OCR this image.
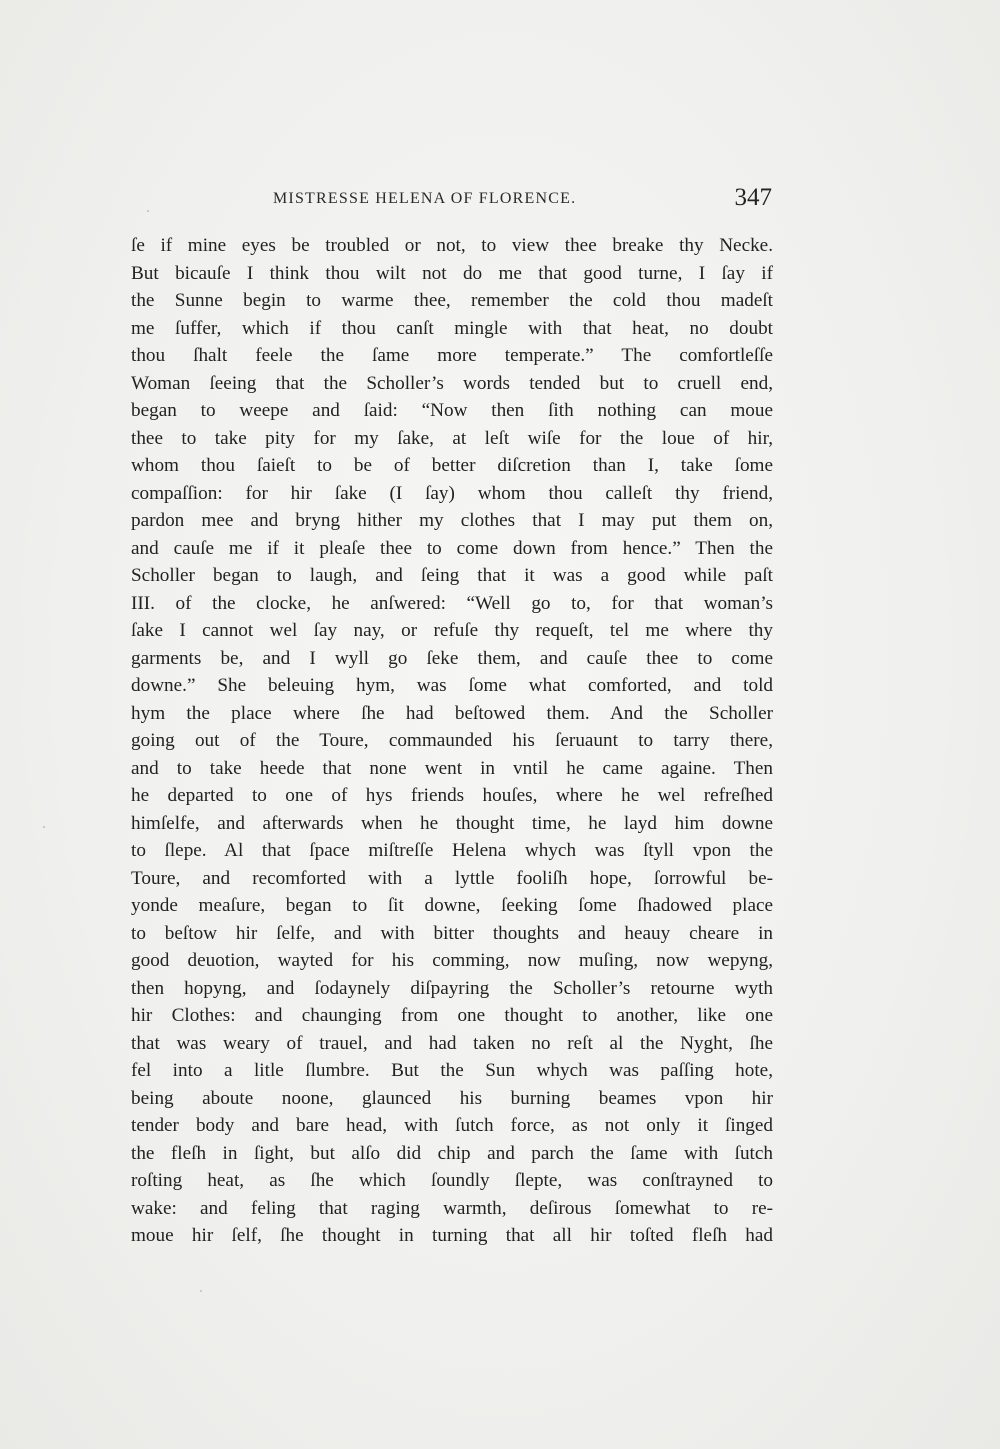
MISTRESSE HELENA OF FLORENCE.	347
ſe if mine eyes be troubled or not, to view thee breake thy Necke.
But bicauſe I think thou wilt not do me that good turne, I ſay if
the Sunne begin to warme thee, remember the cold thou madeſt
me ſuffer, which if thou canſt mingle with that heat, no doubt
thou ſhalt feele the ſame more temperate.” The comfortleſſe
Woman ſeeing that the Scholler’s words tended but to cruell end,
began to weepe and ſaid: “Now then ſith nothing can moue
thee to take pity for my ſake, at leſt wiſe for the loue of hir,
whom thou ſaieſt to be of better diſcretion than I, take ſome
compaſſion: for hir ſake (I ſay) whom thou calleſt thy friend,
pardon mee and bryng hither my clothes that I may put them on,
and cauſe me if it pleaſe thee to come down from hence.” Then the
Scholler began to laugh, and ſeing that it was a good while paſt
III. of the clocke, he anſwered: “Well go to, for that woman’s
ſake I cannot wel ſay nay, or refuſe thy requeſt, tel me where thy
garments be, and I wyll go ſeke them, and cauſe thee to come
downe.” She beleuing hym, was ſome what comforted, and told
hym the place where ſhe had beſtowed them. And the Scholler
going out of the Toure, commaunded his ſeruaunt to tarry there,
and to take heede that none went in vntil he came againe. Then
he departed to one of hys friends houſes, where he wel refreſhed
himſelfe, and afterwards when he thought time, he layd him downe
to ſlepe. Al that ſpace miſtreſſe Helena whych was ſtyll vpon the
Toure, and recomforted with a lyttle fooliſh hope, ſorrowful be-
yonde meaſure, began to ſit downe, ſeeking ſome ſhadowed place
to beſtow hir ſelfe, and with bitter thoughts and heauy cheare in
good deuotion, wayted for his comming, now muſing, now wepyng,
then hopyng, and ſodaynely diſpayring the Scholler’s retourne wyth
hir Clothes: and chaunging from one thought to another, like one
that was weary of trauel, and had taken no reſt al the Nyght, ſhe
fel into a litle ſlumbre. But the Sun whych was paſſing hote,
being aboute noone, glaunced his burning beames vpon hir
tender body and bare head, with ſutch force, as not only it ſinged
the fleſh in ſight, but alſo did chip and parch the ſame with ſutch
roſting heat, as ſhe which ſoundly ſlepte, was conſtrayned to
wake: and feling that raging warmth, deſirous ſomewhat to re-
moue hir ſelf, ſhe thought in turning that all hir toſted fleſh had
